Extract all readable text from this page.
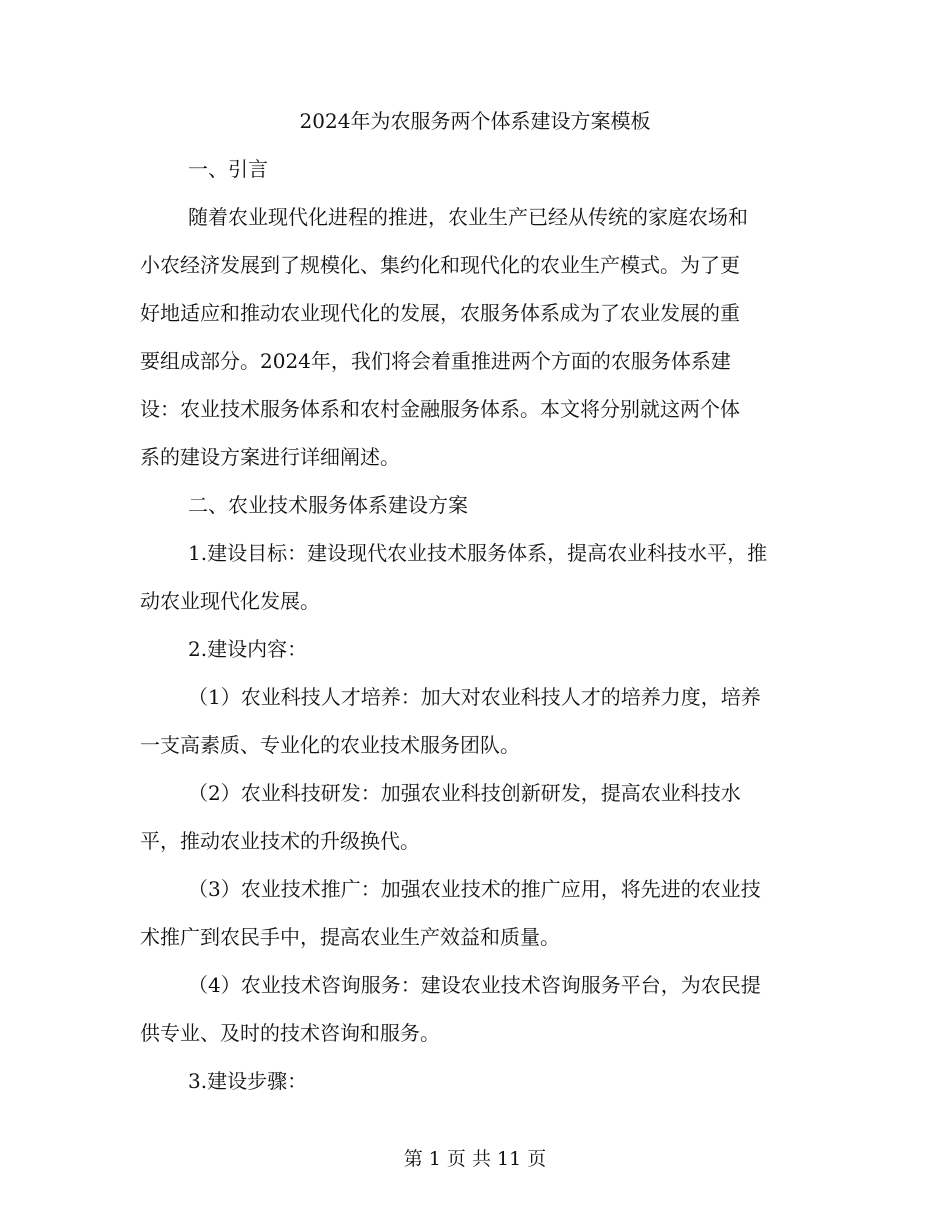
2024年为农服务两个体系建设方案模板
一、引言
随着农业现代化进程的推进，农业生产已经从传统的家庭农场和
小农经济发展到了规模化、集约化和现代化的农业生产模式。为了更
好地适应和推动农业现代化的发展，农服务体系成为了农业发展的重
要组成部分。2024年，我们将会着重推进两个方面的农服务体系建
设：农业技术服务体系和农村金融服务体系。本文将分别就这两个体
系的建设方案进行详细阐述。
二、农业技术服务体系建设方案
1.建设目标：建设现代农业技术服务体系，提高农业科技水平，推
动农业现代化发展。
2.建设内容：
（1）农业科技人才培养：加大对农业科技人才的培养力度，培养
一支高素质、专业化的农业技术服务团队。
（2）农业科技研发：加强农业科技创新研发，提高农业科技水
平，推动农业技术的升级换代。
（3）农业技术推广：加强农业技术的推广应用，将先进的农业技
术推广到农民手中，提高农业生产效益和质量。
（4）农业技术咨询服务：建设农业技术咨询服务平台，为农民提
供专业、及时的技术咨询和服务。
3.建设步骤：
第 1 页 共 11 页
